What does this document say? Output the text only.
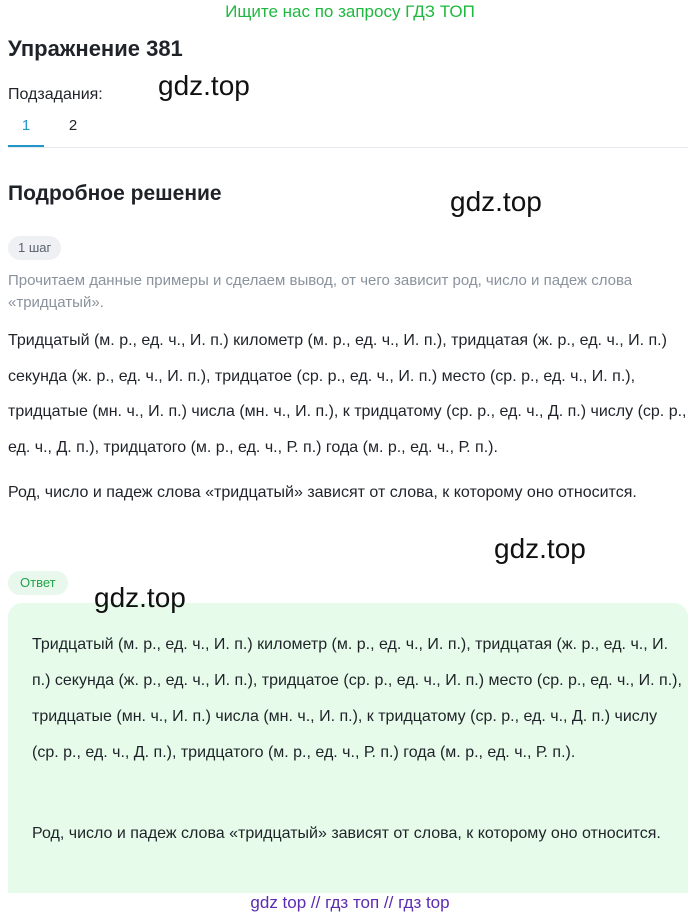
Ищите нас по запросу ГДЗ ТОП
Упражнение 381
Подзадания:
1	2
Подробное решение
1 шаг
Прочитаем данные примеры и сделаем вывод, от чего зависит род, число и падеж слова «тридцатый».
Тридцатый (м. р., ед. ч., И. п.) километр (м. р., ед. ч., И. п.), тридцатая (ж. р., ед. ч., И. п.) секунда (ж. р., ед. ч., И. п.), тридцатое (ср. р., ед. ч., И. п.) место (ср. р., ед. ч., И. п.), тридцатые (мн. ч., И. п.) числа (мн. ч., И. п.), к тридцатому (ср. р., ед. ч., Д. п.) числу (ср. р., ед. ч., Д. п.), тридцатого (м. р., ед. ч., Р. п.) года (м. р., ед. ч., Р. п.).
Род, число и падеж слова «тридцатый» зависят от слова, к которому оно относится.
Ответ
Тридцатый (м. р., ед. ч., И. п.) километр (м. р., ед. ч., И. п.), тридцатая (ж. р., ед. ч., И. п.) секунда (ж. р., ед. ч., И. п.), тридцатое (ср. р., ед. ч., И. п.) место (ср. р., ед. ч., И. п.), тридцатые (мн. ч., И. п.) числа (мн. ч., И. п.), к тридцатому (ср. р., ед. ч., Д. п.) числу (ср. р., ед. ч., Д. п.), тридцатого (м. р., ед. ч., Р. п.) года (м. р., ед. ч., Р. п.).
Род, число и падеж слова «тридцатый» зависят от слова, к которому оно относится.
gdz.top
gdz.top
gdz.top
gdz.top
gdz top // гдз топ // гдз top
